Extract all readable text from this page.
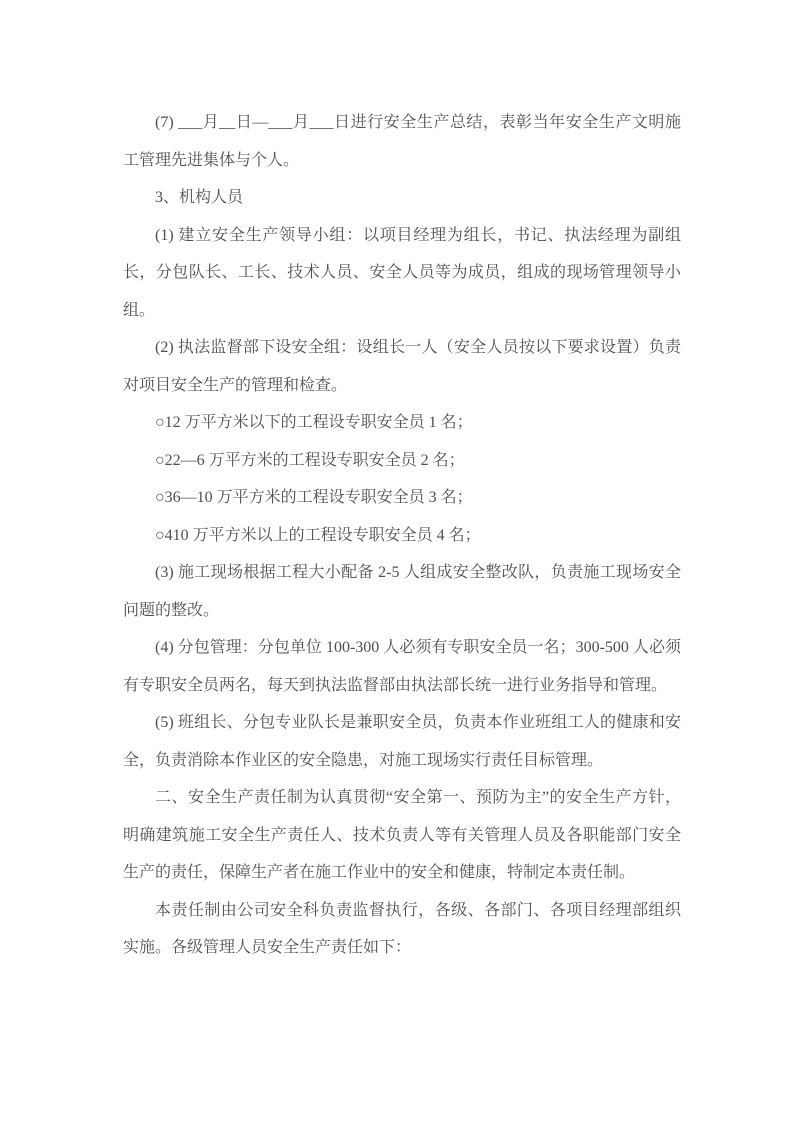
(7) ___月__日—___月___日进行安全生产总结，表彰当年安全生产文明施工管理先进集体与个人。

3、机构人员

(1) 建立安全生产领导小组：以项目经理为组长，书记、执法经理为副组长，分包队长、工长、技术人员、安全人员等为成员，组成的现场管理领导小组。

(2) 执法监督部下设安全组：设组长一人（安全人员按以下要求设置）负责对项目安全生产的管理和检查。

○12 万平方米以下的工程设专职安全员 1 名；

○22—6 万平方米的工程设专职安全员 2 名；

○36—10 万平方米的工程设专职安全员 3 名；

○410 万平方米以上的工程设专职安全员 4 名；

(3) 施工现场根据工程大小配备 2-5 人组成安全整改队，负责施工现场安全问题的整改。

(4) 分包管理：分包单位 100-300 人必须有专职安全员一名；300-500 人必须有专职安全员两名，每天到执法监督部由执法部长统一进行业务指导和管理。

(5) 班组长、分包专业队长是兼职安全员，负责本作业班组工人的健康和安全，负责消除本作业区的安全隐患，对施工现场实行责任目标管理。

二、安全生产责任制为认真贯彻“安全第一、预防为主”的安全生产方针，明确建筑施工安全生产责任人、技术负责人等有关管理人员及各职能部门安全生产的责任，保障生产者在施工作业中的安全和健康，特制定本责任制。

本责任制由公司安全科负责监督执行，各级、各部门、各项目经理部组织实施。各级管理人员安全生产责任如下：
